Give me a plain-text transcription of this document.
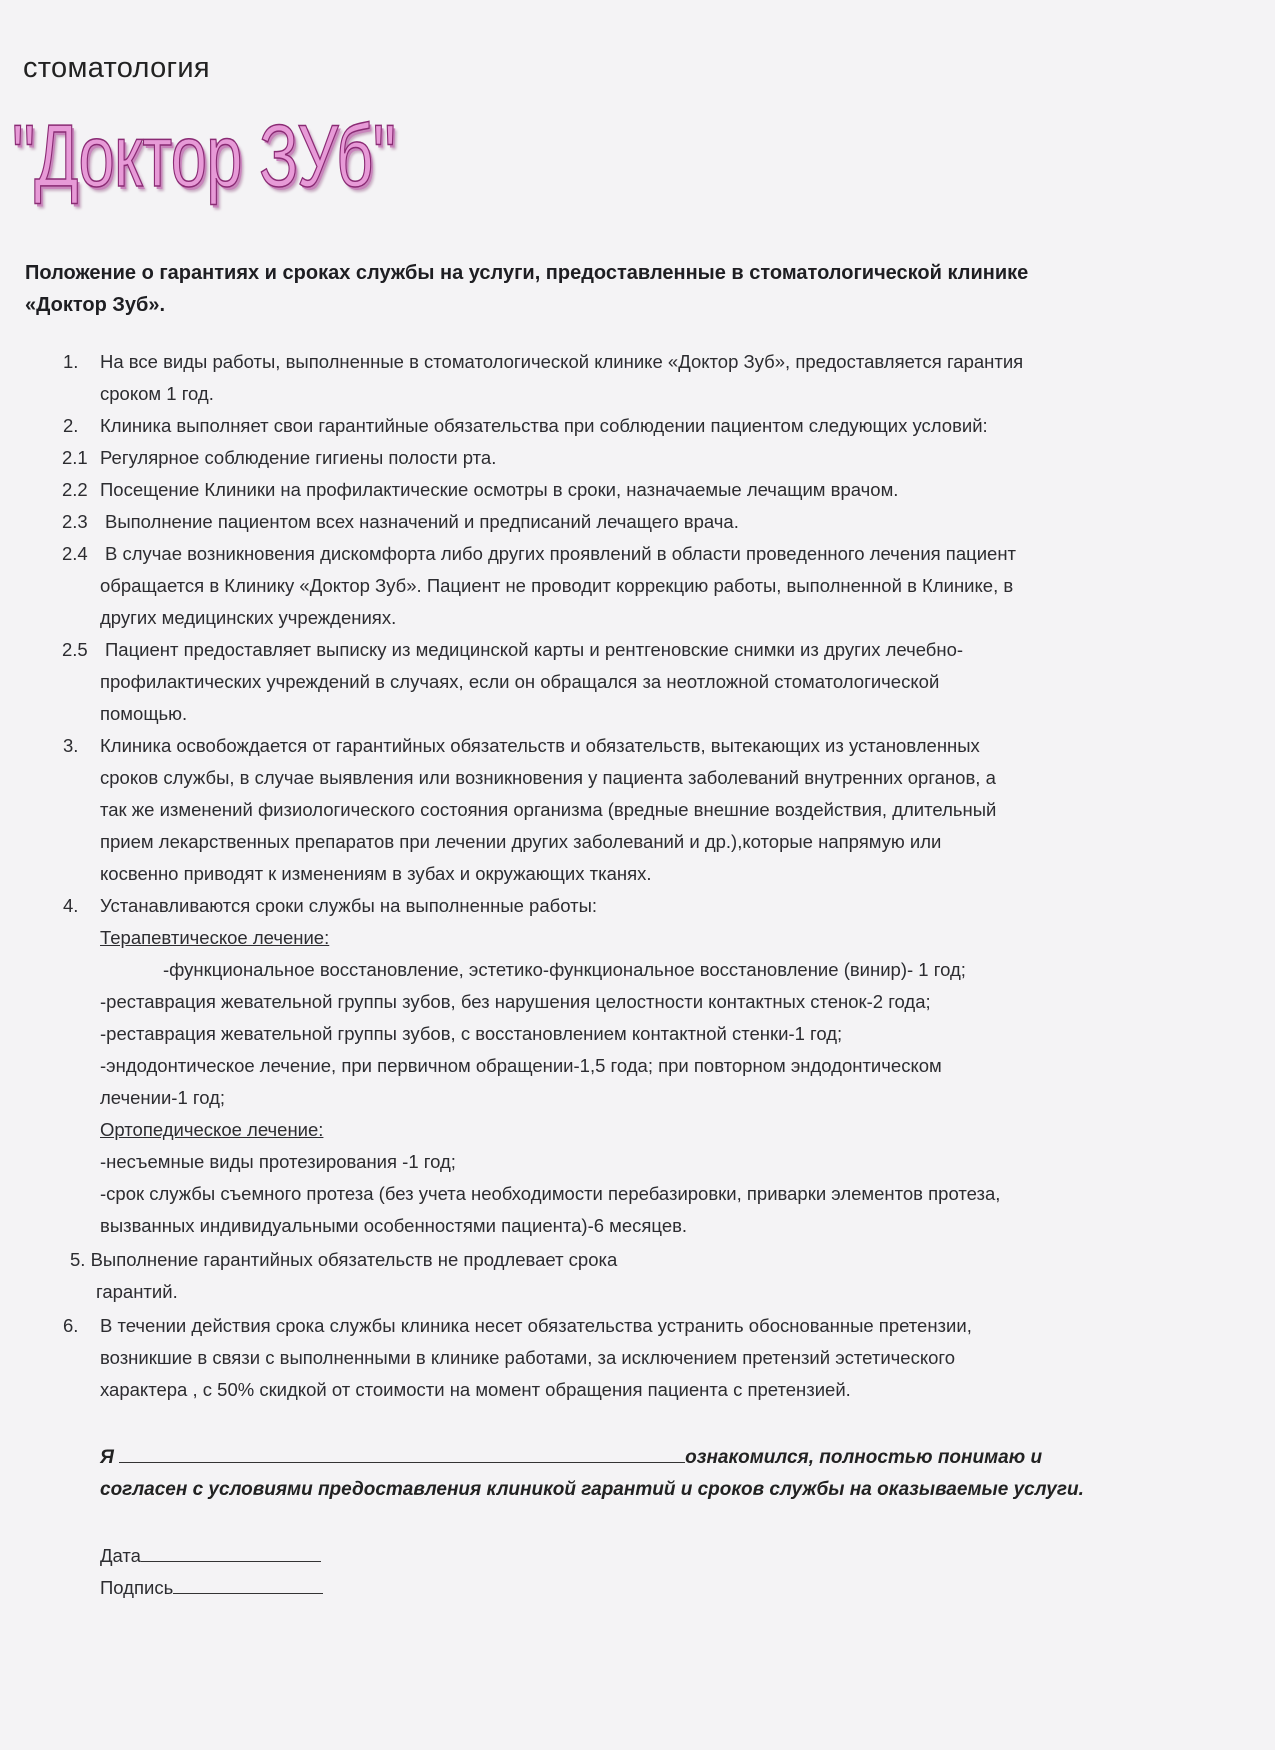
стоматология
"Доктор ЗУб"
Положение о гарантиях и сроках службы на услуги, предоставленные в стоматологической клинике
«Доктор Зуб».
1. На все виды работы, выполненные в стоматологической клинике «Доктор Зуб», предоставляется гарантия
сроком 1 год.
2. Клиника выполняет свои гарантийные обязательства при соблюдении пациентом следующих условий:
2.1 Регулярное соблюдение гигиены полости рта.
2.2 Посещение Клиники на профилактические осмотры в сроки, назначаемые лечащим врачом.
2.3 Выполнение пациентом всех назначений и предписаний лечащего врача.
2.4 В случае возникновения дискомфорта либо других проявлений в области проведенного лечения пациент
обращается в Клинику «Доктор Зуб». Пациент не проводит коррекцию работы, выполненной в Клинике, в
других медицинских учреждениях.
2.5 Пациент предоставляет выписку из медицинской карты и рентгеновские снимки из других лечебно-
профилактических учреждений в случаях, если он обращался за неотложной стоматологической
помощью.
3. Клиника освобождается от гарантийных обязательств и обязательств, вытекающих из установленных
сроков службы, в случае выявления или возникновения у пациента заболеваний внутренних органов, а
так же изменений физиологического состояния организма (вредные внешние воздействия, длительный
прием лекарственных препаратов при лечении других заболеваний и др.),которые напрямую или
косвенно приводят к изменениям в зубах и окружающих тканях.
4. Устанавливаются сроки службы на выполненные работы:
Терапевтическое лечение:
-функциональное восстановление, эстетико-функциональное восстановление (винир)- 1 год;
-реставрация жевательной группы зубов, без нарушения целостности контактных стенок-2 года;
-реставрация жевательной группы зубов, с восстановлением контактной стенки-1 год;
-эндодонтическое лечение, при первичном обращении-1,5 года; при повторном эндодонтическом
лечении-1 год;
Ортопедическое лечение:
-несъемные виды протезирования -1 год;
-срок службы съемного протеза (без учета необходимости перебазировки, приварки элементов протеза,
вызванных индивидуальными особенностями пациента)-6 месяцев.
5. Выполнение гарантийных обязательств не продлевает срока
гарантий.
6. В течении действия срока службы клиника несет обязательства устранить обоснованные претензии,
возникшие в связи с выполненными в клинике работами, за исключением претензий эстетического
характера , с 50% скидкой от стоимости на момент обращения пациента с претензией.
Я	ознакомился, полностью понимаю и
согласен с условиями предоставления клиникой гарантий и сроков службы на оказываемые услуги.
Дата
Подпись
